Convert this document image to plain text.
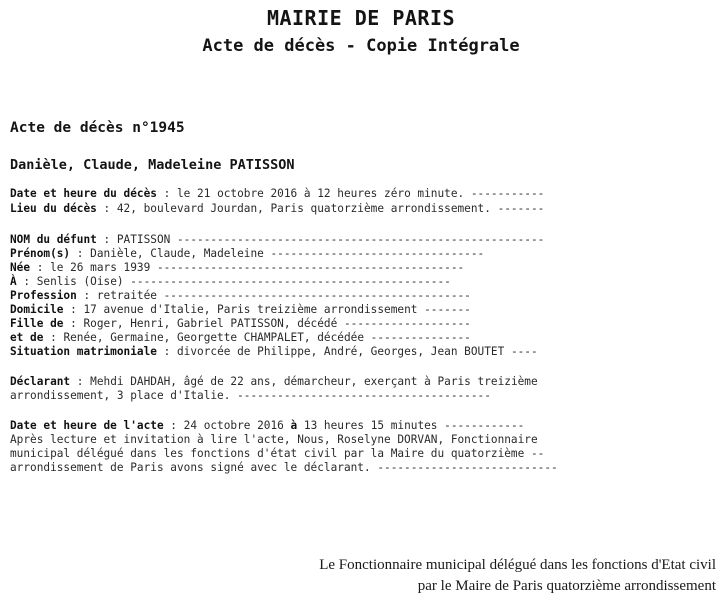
MAIRIE DE PARIS
Acte de décès - Copie Intégrale
Acte de décès n°1945
Danièle, Claude, Madeleine PATISSON
Date et heure du décès : le 21 octobre 2016 à 12 heures zéro minute. -----------
Lieu du décès : 42, boulevard Jourdan, Paris quatorzième arrondissement. -------
NOM du défunt : PATISSON -------------------------------------------------------
Prénom(s) : Danièle, Claude, Madeleine --------------------------------
Née : le 26 mars 1939 ----------------------------------------------
À : Senlis (Oise) ------------------------------------------------
Profession : retraitée ----------------------------------------------
Domicile : 17 avenue d'Italie, Paris treizième arrondissement -------
Fille de : Roger, Henri, Gabriel PATISSON, décédé -------------------
et de : Renée, Germaine, Georgette CHAMPALET, décédée ---------------
Situation matrimoniale : divorcée de Philippe, André, Georges, Jean BOUTET ----
Déclarant : Mehdi DAHDAH, âgé de 22 ans, démarcheur, exerçant à Paris treizième
arrondissement, 3 place d'Italie. --------------------------------------
Date et heure de l'acte : 24 octobre 2016 à 13 heures 15 minutes ------------
Après lecture et invitation à lire l'acte, Nous, Roselyne DORVAN, Fonctionnaire
municipal délégué dans les fonctions d'état civil par la Maire du quatorzième --
arrondissement de Paris avons signé avec le déclarant. ---------------------------
Le Fonctionnaire municipal délégué dans les fonctions d'Etat civil
par le Maire de Paris quatorzième arrondissement
